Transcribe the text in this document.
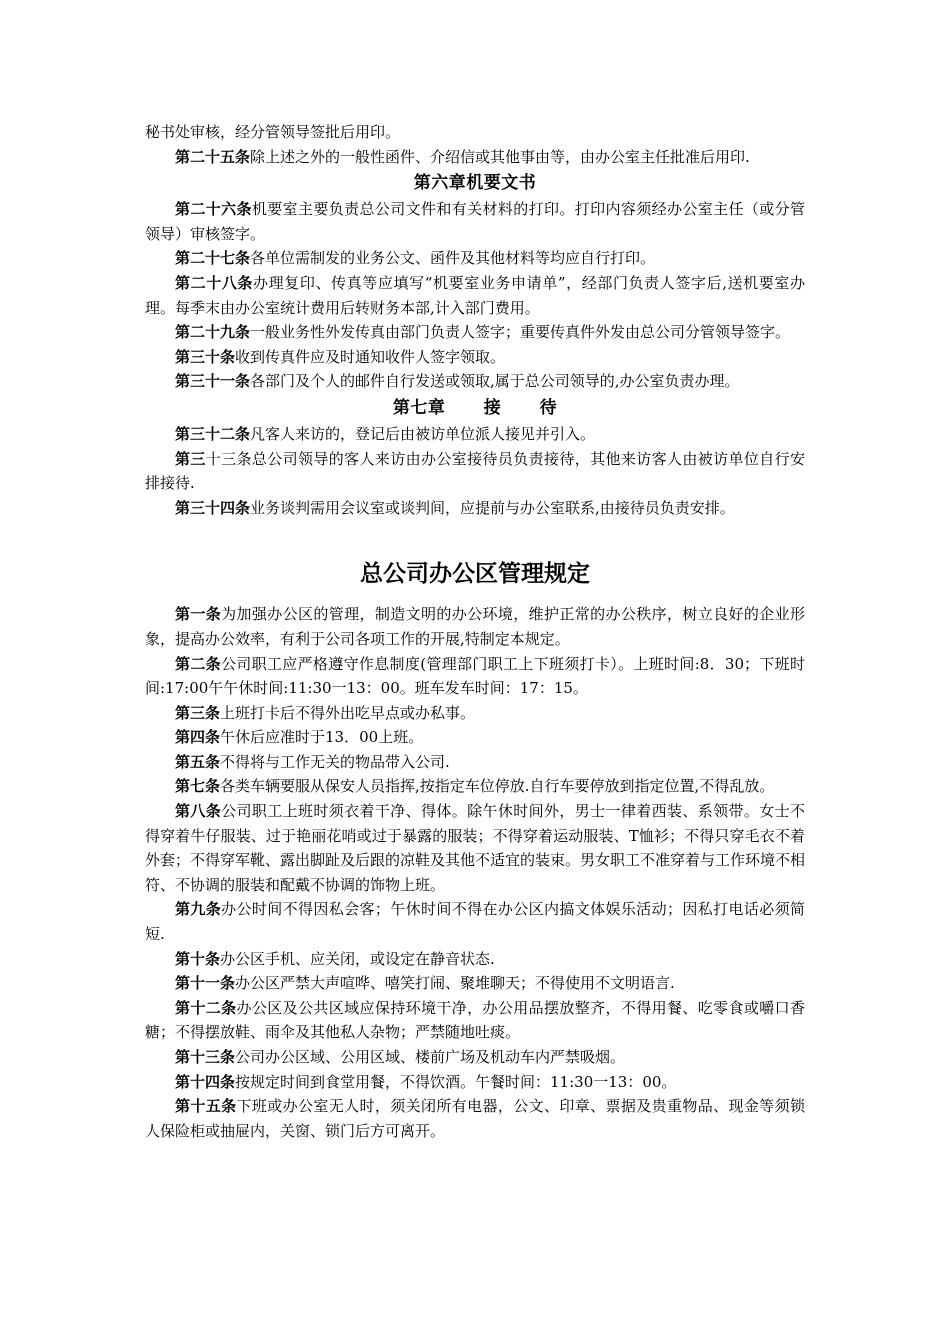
秘书处审核，经分管领导签批后用印。

第二十五条除上述之外的一般性函件、介绍信或其他事由等，由办公室主任批准后用印.

第六章机要文书

第二十六条机要室主要负责总公司文件和有关材料的打印。打印内容须经办公室主任（或分管领导）审核签字。

第二十七条各单位需制发的业务公文、函件及其他材料等均应自行打印。

第二十八条办理复印、传真等应填写“机要室业务申请单”，经部门负责人签字后,送机要室办理。每季末由办公室统计费用后转财务本部,计入部门费用。

第二十九条一般业务性外发传真由部门负责人签字；重要传真件外发由总公司分管领导签字。

第三十条收到传真件应及时通知收件人签字领取。

第三十一条各部门及个人的邮件自行发送或领取,属于总公司领导的,办公室负责办理。

第七章 接 待

第三十二条凡客人来访的，登记后由被访单位派人接见并引入。

第三十三条总公司领导的客人来访由办公室接待员负责接待，其他来访客人由被访单位自行安排接待.

第三十四条业务谈判需用会议室或谈判间，应提前与办公室联系,由接待员负责安排。

总公司办公区管理规定

第一条为加强办公区的管理，制造文明的办公环境，维护正常的办公秩序，树立良好的企业形象，提高办公效率，有利于公司各项工作的开展,特制定本规定。

第二条公司职工应严格遵守作息制度(管理部门职工上下班须打卡）。上班时间:8．30；下班时间:17:00午午休时间:11:30一13：00。班车发车时间：17：15。

第三条上班打卡后不得外出吃早点或办私事。

第四条午休后应准时于13．00上班。

第五条不得将与工作无关的物品带入公司.

第七条各类车辆要服从保安人员指挥,按指定车位停放.自行车要停放到指定位置,不得乱放。

第八条公司职工上班时须衣着干净、得体。除午休时间外，男士一律着西装、系领带。女士不得穿着牛仔服装、过于艳丽花哨或过于暴露的服装；不得穿着运动服装、T恤衫；不得只穿毛衣不着外套；不得穿军靴、露出脚趾及后跟的凉鞋及其他不适宜的装束。男女职工不准穿着与工作环境不相符、不协调的服装和配戴不协调的饰物上班。

第九条办公时间不得因私会客；午休时间不得在办公区内搞文体娱乐活动；因私打电话必须简短.

第十条办公区手机、应关闭，或设定在静音状态.

第十一条办公区严禁大声喧哗、嘻笑打闹、聚堆聊天；不得使用不文明语言.

第十二条办公区及公共区域应保持环境干净，办公用品摆放整齐，不得用餐、吃零食或嚼口香糖；不得摆放鞋、雨伞及其他私人杂物；严禁随地吐痰。

第十三条公司办公区域、公用区域、楼前广场及机动车内严禁吸烟。

第十四条按规定时间到食堂用餐，不得饮酒。午餐时间：11:30一13：00。

第十五条下班或办公室无人时，须关闭所有电器，公文、印章、票据及贵重物品、现金等须锁人保险柜或抽屉内，关窗、锁门后方可离开。
